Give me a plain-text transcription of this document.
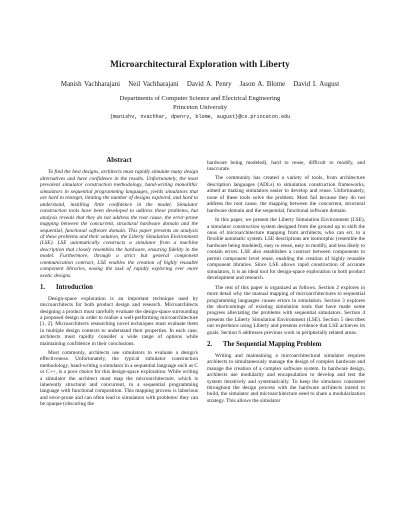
Microarchitectural Exploration with Liberty
Manish Vachharajani   Neil Vachharajani   David A. Penry   Jason A. Blome   David I. August
Departments of Computer Science and Electrical Engineering
Princeton University
{manishv, nvachhar, dpenry, blome, august}@cs.princeton.edu
Abstract

To find the best designs, architects must rapidly simulate many design alternatives and have confidence in the results. Unfortunately, the most prevalent simulator construction methodology, hand-writing monolithic simulators in sequential programming languages, yields simulators that are hard to retarget, limiting the number of designs explored, and hard to understand, instilling little confidence in the model. Simulator construction tools have been developed to address these problems, but analysis reveals that they do not address the root cause, the error-prone mapping between the concurrent, structural hardware domain and the sequential, functional software domain. This paper presents an analysis of these problems and their solution, the Liberty Simulation Environment (LSE). LSE automatically constructs a simulator from a machine description that closely resembles the hardware, ensuring fidelity in the model. Furthermore, through a strict but general component communication contract, LSE enables the creation of highly reusable component libraries, easing the task of rapidly exploring ever more exotic designs.

1. Introduction

Design-space exploration is an important technique used by microarchitects for both product design and research. Microarchitects designing a product must carefully evaluate the design-space surrounding a proposed design in order to realize a well-performing microarchitecture [1, 2]. Microarchitects researching novel techniques must evaluate them in multiple design contexts to understand their properties. In each case, architects must rapidly consider a wide range of options while maintaining confidence in their conclusions.

Most commonly, architects use simulators to evaluate a design's effectiveness. Unfortunately, the typical simulator construction methodology, hand-writing a simulator in a sequential language such as C or C++, is a poor choice for this design-space exploration. While writing a simulator the architect must map the microarchitecture, which is inherently structural and concurrent, to a sequential programming language with functional composition. This mapping process is laborious and error-prone and can often lead to simulators with problems: they can be opaque (obscuring the

hardware being modeled), hard to reuse, difficult to modify, and inaccurate.

The community has created a variety of tools, from architecture description languages (ADLs) to simulation construction frameworks, aimed at making simulators easier to develop and reuse. Unfortunately, none of these tools solve the problem. Most fail because they do not address the root cause, the mapping between the concurrent, structural hardware domain and the sequential, functional software domain.

In this paper, we present the Liberty Simulation Environment (LSE), a simulator construction system designed from the ground up to shift the onus of microarchitecture mapping from architects, who can err, to a flexible automatic system. LSE descriptions are isomorphic (resemble the hardware being modeled), easy to reuse, easy to modify, and less likely to contain errors. LSE also establishes a contract between components to permit component level reuse, enabling the creation of highly reusable component libraries. Since LSE allows rapid construction of accurate simulators, it is an ideal tool for design-space exploration in both product development and research.

The rest of this paper is organized as follows. Section 2 explores in more detail why the manual mapping of microarchitectures to sequential programming languages causes errors in simulation. Section 3 explores the shortcomings of existing simulation tools that have made some progress alleviating the problems with sequential simulators. Section 4 presents the Liberty Simulation Environment (LSE). Section 5 describes our experience using Liberty and presents evidence that LSE achieves its goals. Section 6 addresses previous work in peripherally related areas.

2. The Sequential Mapping Problem

Writing and maintaining a microarchitectural simulator requires architects to simultaneously manage the design of complex hardware and manage the creation of a complex software system. In hardware design, architects use modularity and encapsulation to develop and test the system iteratively and systematically. To keep the simulator consistent throughout the design process with the hardware architects intend to build, the simulator and microarchitecture need to share a modularization strategy. This allows the simulator
